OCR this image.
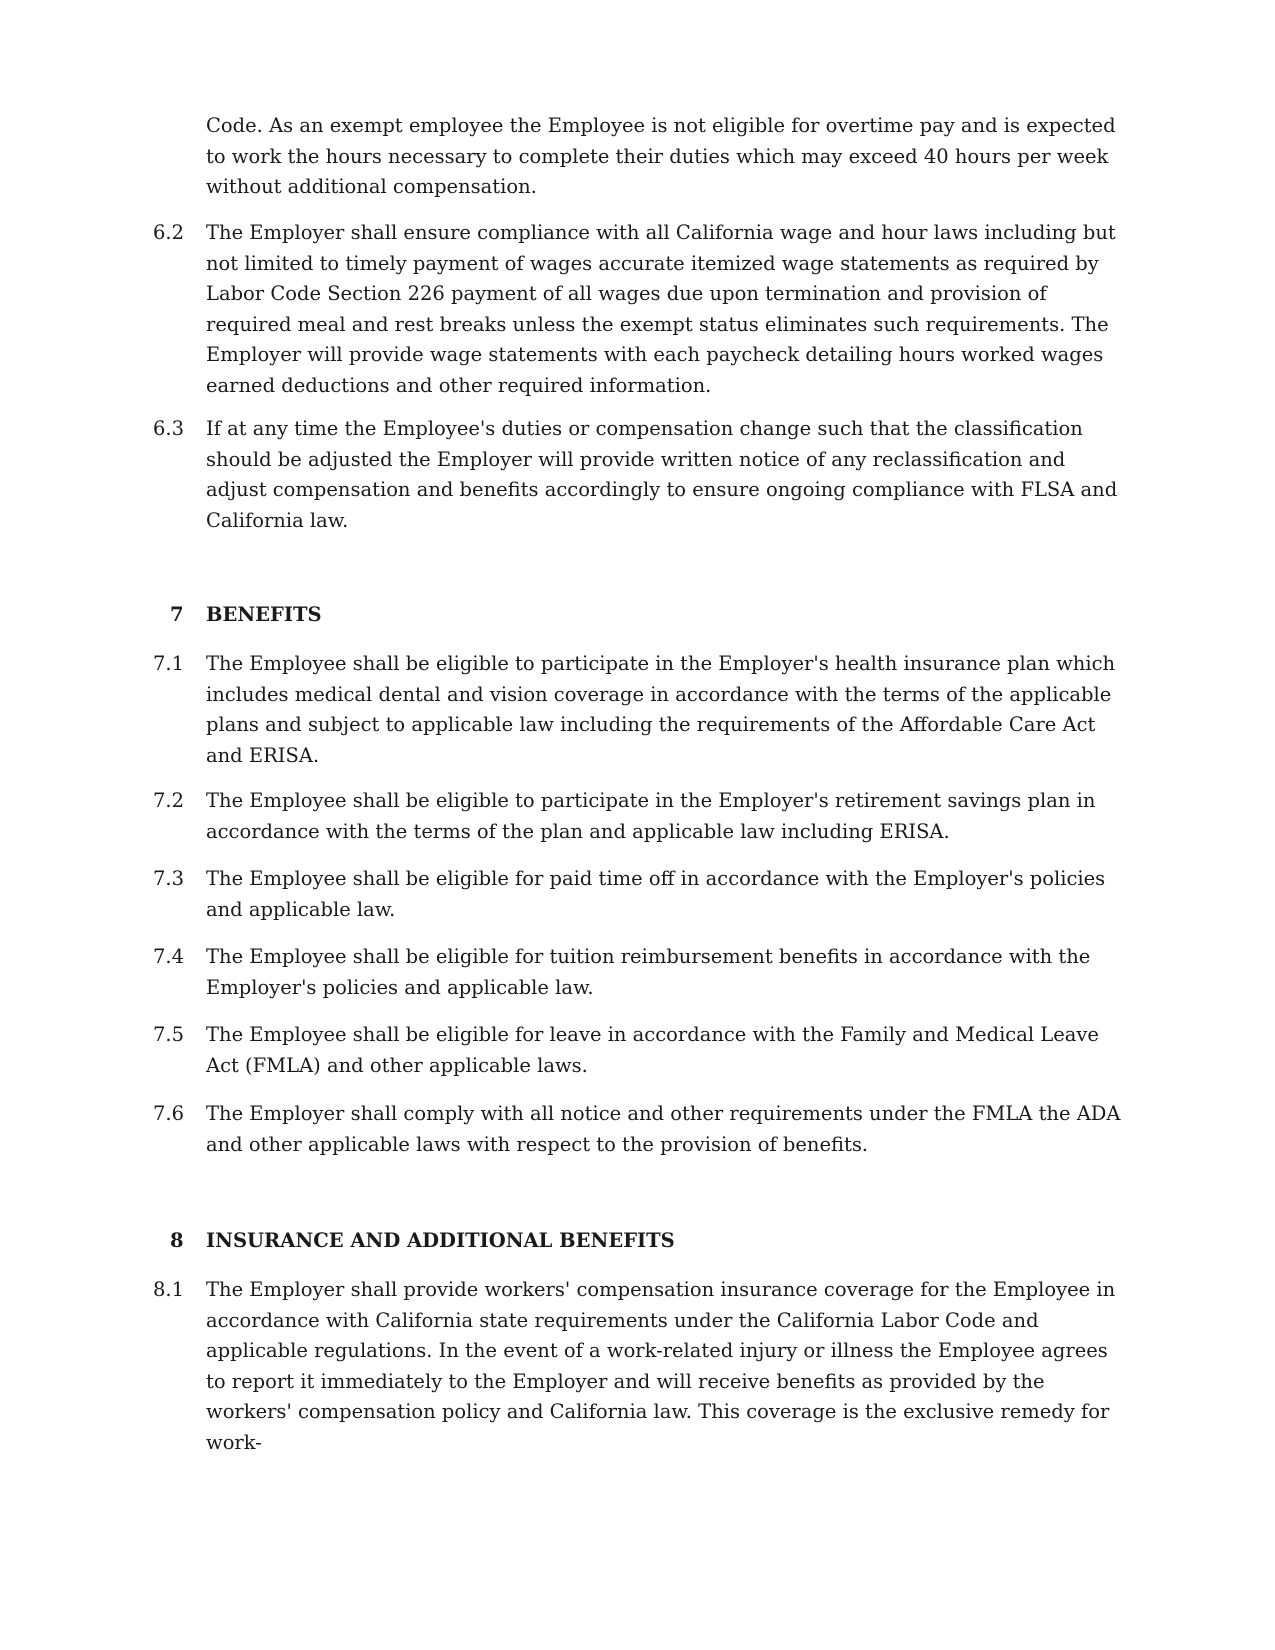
Code. As an exempt employee the Employee is not eligible for overtime pay and is expected to work the hours necessary to complete their duties which may exceed 40 hours per week without additional compensation.

6.2	The Employer shall ensure compliance with all California wage and hour laws including but not limited to timely payment of wages accurate itemized wage statements as required by Labor Code Section 226 payment of all wages due upon termination and provision of required meal and rest breaks unless the exempt status eliminates such requirements. The Employer will provide wage statements with each paycheck detailing hours worked wages earned deductions and other required information.

6.3	If at any time the Employee's duties or compensation change such that the classification should be adjusted the Employer will provide written notice of any reclassification and adjust compensation and benefits accordingly to ensure ongoing compliance with FLSA and California law.

7	BENEFITS

7.1	The Employee shall be eligible to participate in the Employer's health insurance plan which includes medical dental and vision coverage in accordance with the terms of the applicable plans and subject to applicable law including the requirements of the Affordable Care Act and ERISA.

7.2	The Employee shall be eligible to participate in the Employer's retirement savings plan in accordance with the terms of the plan and applicable law including ERISA.

7.3	The Employee shall be eligible for paid time off in accordance with the Employer's policies and applicable law.

7.4	The Employee shall be eligible for tuition reimbursement benefits in accordance with the Employer's policies and applicable law.

7.5	The Employee shall be eligible for leave in accordance with the Family and Medical Leave Act (FMLA) and other applicable laws.

7.6	The Employer shall comply with all notice and other requirements under the FMLA the ADA and other applicable laws with respect to the provision of benefits.

8	INSURANCE AND ADDITIONAL BENEFITS

8.1	The Employer shall provide workers' compensation insurance coverage for the Employee in accordance with California state requirements under the California Labor Code and applicable regulations. In the event of a work-related injury or illness the Employee agrees to report it immediately to the Employer and will receive benefits as provided by the workers' compensation policy and California law. This coverage is the exclusive remedy for work-
